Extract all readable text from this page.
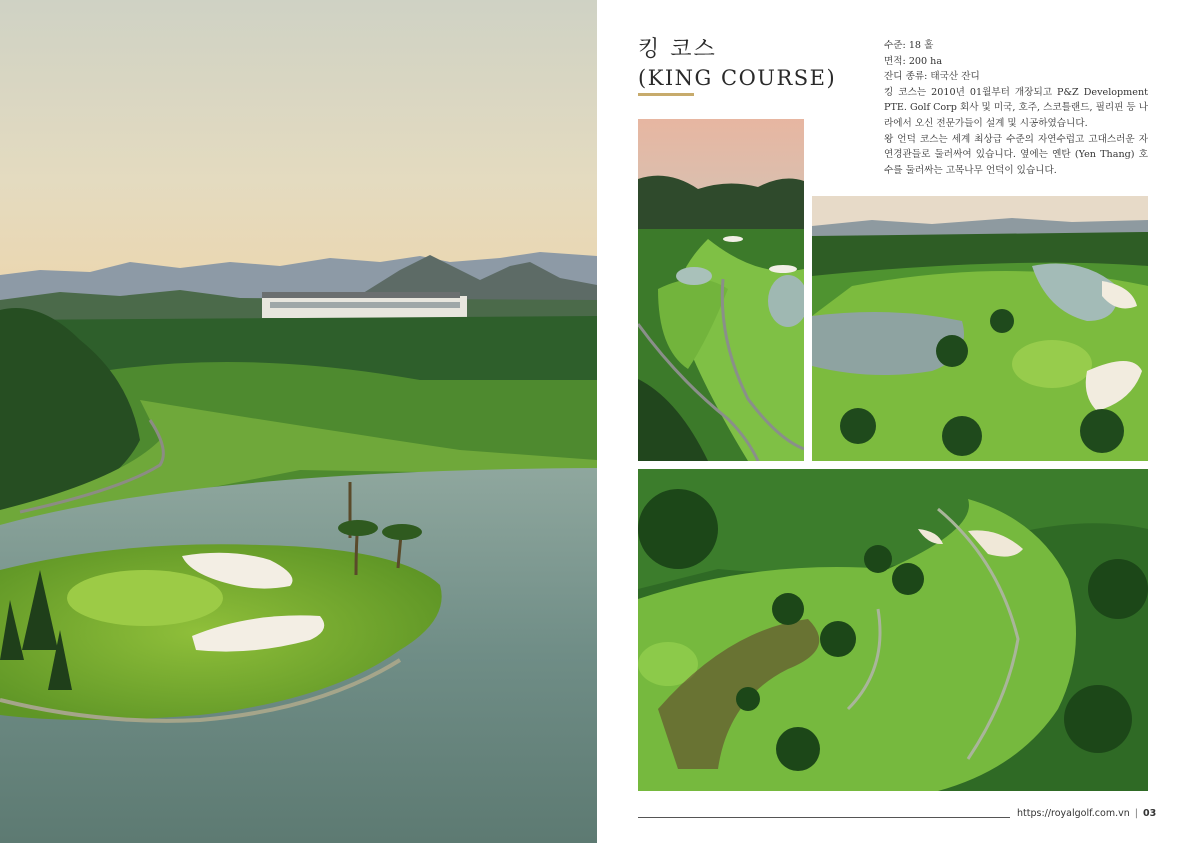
킹 코스
(KING COURSE)
수준: 18 홀
면적: 200 ha
잔디 종류: 태국산 잔디

킹 코스는 2010년 01월부터 개장되고 P&Z Development PTE. Golf Corp 회사 및 미국, 호주, 스코틀랜드, 필리핀 등 나라에서 오신 전문가들이 설계 및 시공하였습니다.

왕 언덕 코스는 세계 최상급 수준의 자연수럽고 고대스러운 자연경관들로 둘러싸여 있습니다. 옆에는 옌탄 (Yen Thang) 호수를 둘러싸는 고목나무 언덕이 있습니다.

https://royalgolf.com.vn | 03
